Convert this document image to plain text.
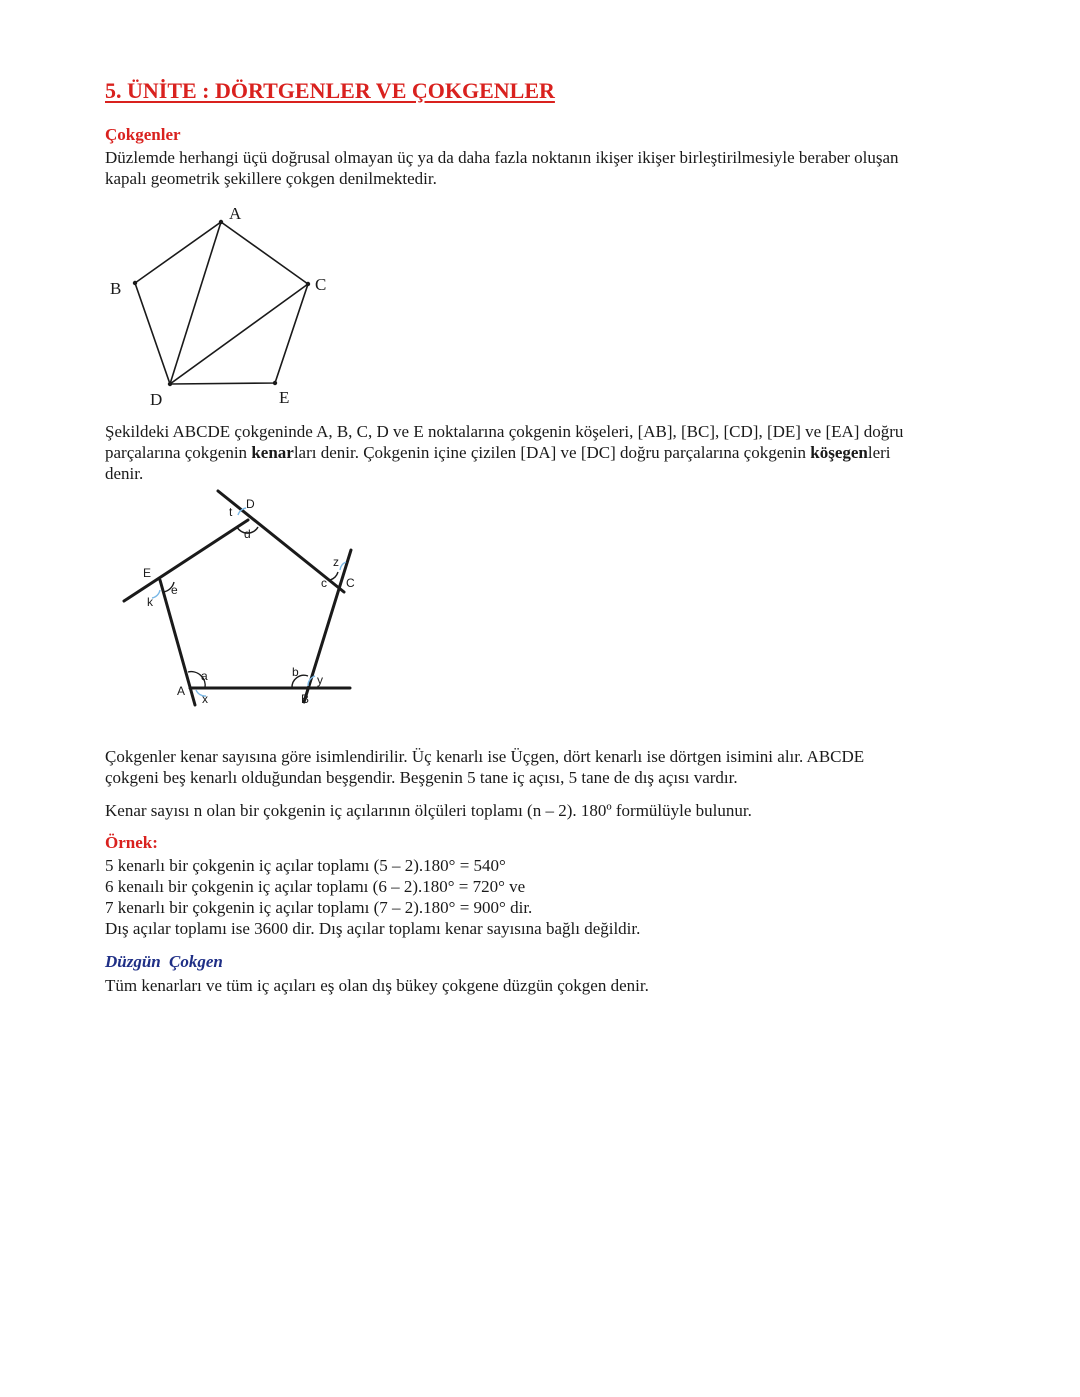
5. ÜNİTE : DÖRTGENLER VE ÇOKGENLER
Çokgenler

Düzlemde herhangi üçü doğrusal olmayan üç ya da daha fazla noktanın ikişer ikişer birleştirilmesiyle beraber oluşan
kapalı geometrik şekillere çokgen denilmektedir.

A
B	C
D	E

Şekildeki ABCDE çokgeninde A, B, C, D ve E noktalarına çokgenin köşeleri, [AB], [BC], [CD], [DE] ve [EA] doğru
parçalarına çokgenin kenarları denir. Çokgenin içine çizilen [DA] ve [DC] doğru parçalarına çokgenin köşegenleri
denir.

D
C
B
A
E
d
c
b
a
e
t
z
y
x
k

Çokgenler kenar sayısına göre isimlendirilir. Üç kenarlı ise Üçgen, dört kenarlı ise dörtgen isimini alır. ABCDE
çokgeni beş kenarlı olduğundan beşgendir. Beşgenin 5 tane iç açısı, 5 tane de dış açısı vardır.

Kenar sayısı n olan bir çokgenin iç açılarının ölçüleri toplamı (n – 2). 180º formülüyle bulunur.

Örnek:

5 kenarlı bir çokgenin iç açılar toplamı (5 – 2).180° = 540°
6 kenaılı bir çokgenin iç açılar toplamı (6 – 2).180° = 720° ve
7 kenarlı bir çokgenin iç açılar toplamı (7 – 2).180° = 900° dir.
Dış açılar toplamı ise 3600 dir. Dış açılar toplamı kenar sayısına bağlı değildir.

Düzgün Çokgen

Tüm kenarları ve tüm iç açıları eş olan dış bükey çokgene düzgün çokgen denir.
